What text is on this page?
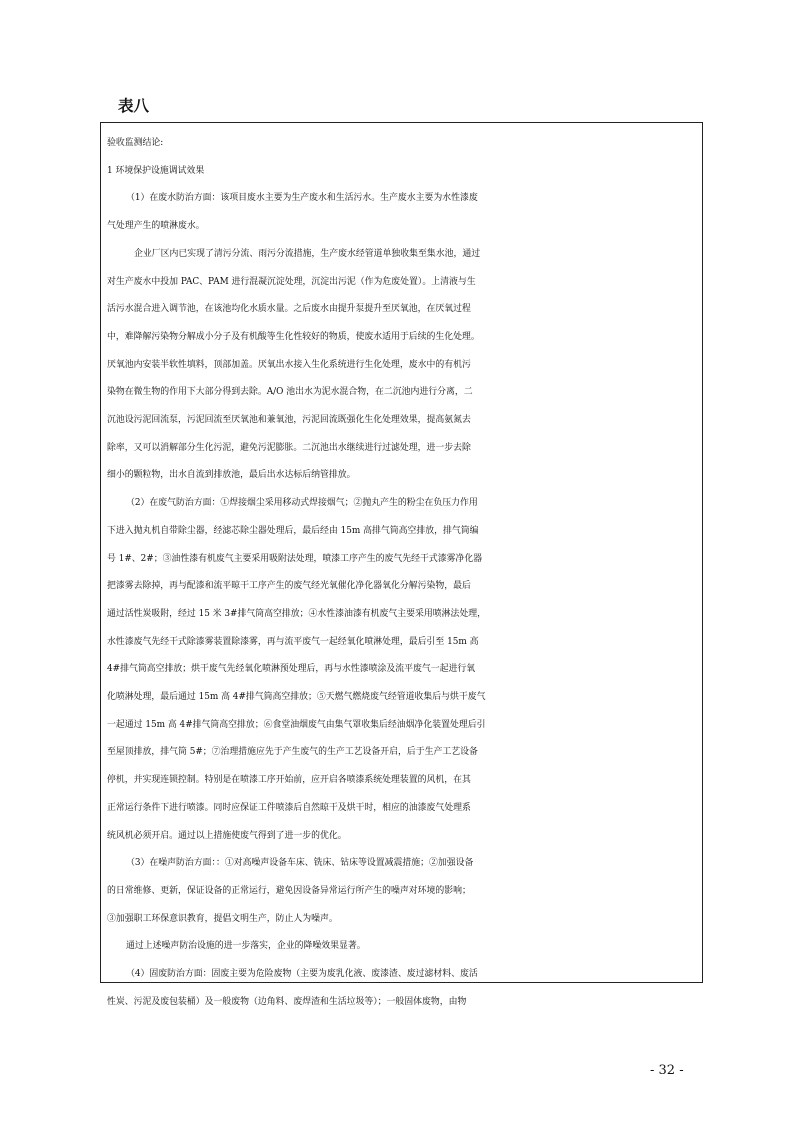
表八

验收监测结论:

1 环境保护设施调试效果

（1）在废水防治方面：该项目废水主要为生产废水和生活污水。生产废水主要为水性漆废

气处理产生的喷淋废水。

企业厂区内已实现了清污分流、雨污分流措施，生产废水经管道单独收集至集水池，通过

对生产废水中投加 PAC、PAM 进行混凝沉淀处理，沉淀出污泥（作为危废处置）。上清液与生

活污水混合进入调节池，在该池均化水质水量。之后废水由提升泵提升至厌氧池，在厌氧过程

中，难降解污染物分解成小分子及有机酸等生化性较好的物质，使废水适用于后续的生化处理。

厌氧池内安装半软性填料，顶部加盖。厌氧出水接入生化系统进行生化处理，废水中的有机污

染物在微生物的作用下大部分得到去除。A/O 池出水为泥水混合物，在二沉池内进行分离，二

沉池设污泥回流泵，污泥回流至厌氧池和兼氧池，污泥回流既强化生化处理效果，提高氨氮去

除率，又可以消解部分生化污泥，避免污泥膨胀。二沉池出水继续进行过滤处理，进一步去除

细小的颗粒物，出水自流到排放池，最后出水达标后纳管排放。

（2）在废气防治方面：①焊接烟尘采用移动式焊接烟气；②抛丸产生的粉尘在负压力作用

下进入抛丸机自带除尘器，经滤芯除尘器处理后，最后经由 15m 高排气筒高空排放，排气筒编

号 1#、2#；③油性漆有机废气主要采用吸附法处理，喷漆工序产生的废气先经干式漆雾净化器

把漆雾去除掉，再与配漆和流平晾干工序产生的废气经光氧催化净化器氧化分解污染物，最后

通过活性炭吸附，经过 15 米 3#排气筒高空排放；④水性漆油漆有机废气主要采用喷淋法处理，

水性漆废气先经干式除漆雾装置除漆雾，再与流平废气一起经氧化喷淋处理，最后引至 15m 高

4#排气筒高空排放；烘干废气先经氧化喷淋预处理后，再与水性漆喷涂及流平废气一起进行氧

化喷淋处理，最后通过 15m 高 4#排气筒高空排放；⑤天燃气燃烧废气经管道收集后与烘干废气

一起通过 15m 高 4#排气筒高空排放；⑥食堂油烟废气由集气罩收集后经油烟净化装置处理后引

至屋顶排放，排气筒 5#；⑦治理措施应先于产生废气的生产工艺设备开启，后于生产工艺设备

停机，并实现连锁控制。特别是在喷漆工序开始前，应开启各喷漆系统处理装置的风机，在其

正常运行条件下进行喷漆。同时应保证工件喷漆后自然晾干及烘干时，相应的油漆废气处理系

统风机必须开启。通过以上措施使废气得到了进一步的优化。

（3）在噪声防治方面：：①对高噪声设备车床、铣床、钻床等设置减震措施；②加强设备

的日常维修、更新，保证设备的正常运行，避免因设备异常运行所产生的噪声对环境的影响；

③加强职工环保意识教育，提倡文明生产，防止人为噪声。

通过上述噪声防治设施的进一步落实，企业的降噪效果显著。

（4）固废防治方面：固废主要为危险废物（主要为废乳化液、废漆渣、废过滤材料、废活

性炭、污泥及废包装桶）及一般废物（边角料、废焊渣和生活垃圾等）；一般固体废物，由物

- 32 -
